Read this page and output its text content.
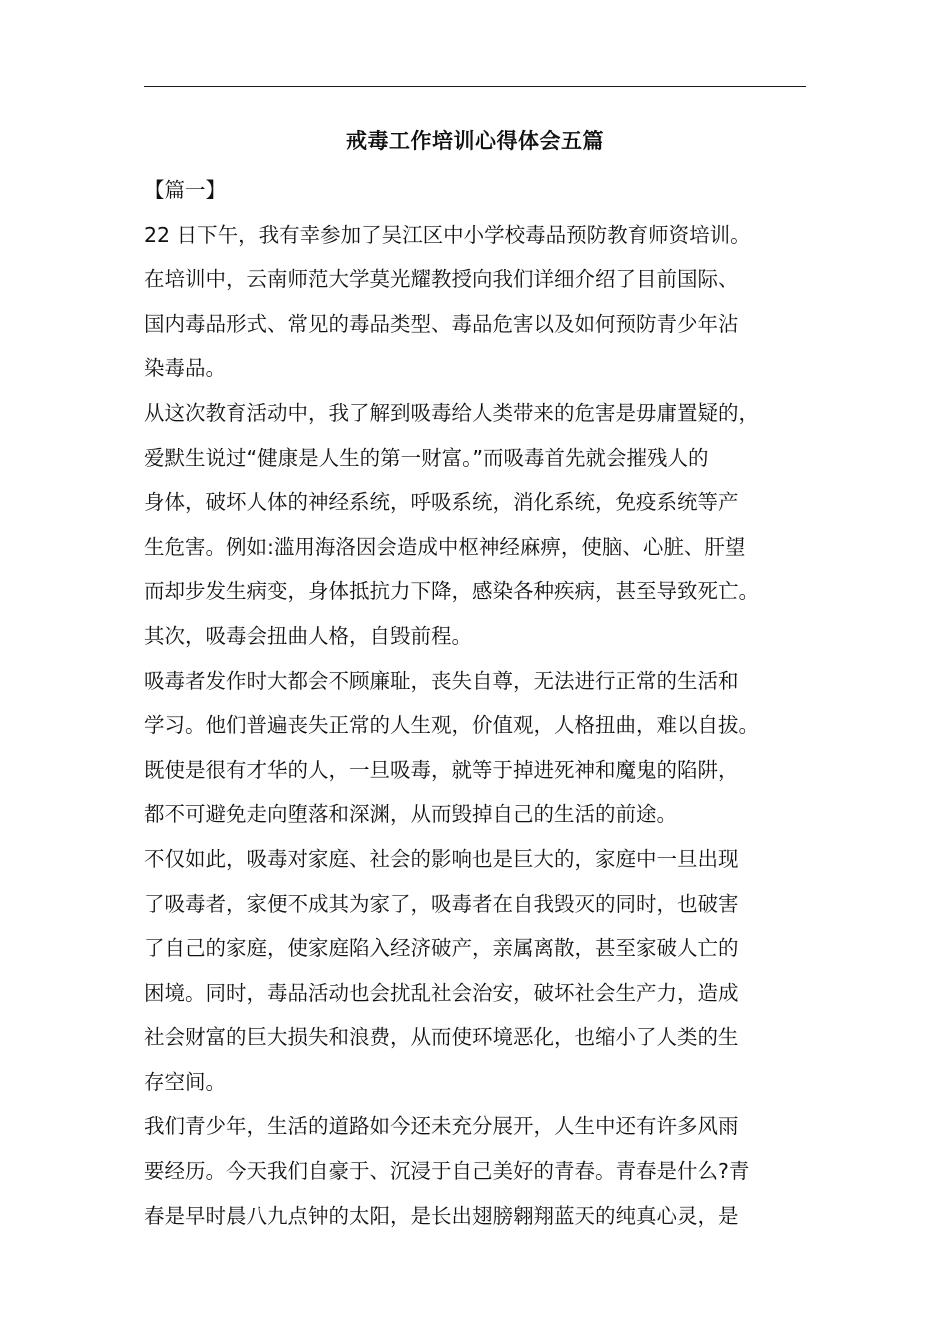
戒毒工作培训心得体会五篇
【篇一】
22 日下午，我有幸参加了吴江区中小学校毒品预防教育师资培训。
在培训中，云南师范大学莫光耀教授向我们详细介绍了目前国际、
国内毒品形式、常见的毒品类型、毒品危害以及如何预防青少年沾
染毒品。
从这次教育活动中，我了解到吸毒给人类带来的危害是毋庸置疑的，
爱默生说过“健康是人生的第一财富。”而吸毒首先就会摧残人的
身体，破坏人体的神经系统，呼吸系统，消化系统，免疫系统等产
生危害。例如:滥用海洛因会造成中枢神经麻痹，使脑、心脏、肝望
而却步发生病变，身体抵抗力下降，感染各种疾病，甚至导致死亡。
其次，吸毒会扭曲人格，自毁前程。
吸毒者发作时大都会不顾廉耻，丧失自尊，无法进行正常的生活和
学习。他们普遍丧失正常的人生观，价值观，人格扭曲，难以自拔。
既使是很有才华的人，一旦吸毒，就等于掉进死神和魔鬼的陷阱，
都不可避免走向堕落和深渊，从而毁掉自己的生活的前途。
不仅如此，吸毒对家庭、社会的影响也是巨大的，家庭中一旦出现
了吸毒者，家便不成其为家了，吸毒者在自我毁灭的同时，也破害
了自己的家庭，使家庭陷入经济破产，亲属离散，甚至家破人亡的
困境。同时，毒品活动也会扰乱社会治安，破坏社会生产力，造成
社会财富的巨大损失和浪费，从而使环境恶化，也缩小了人类的生
存空间。
我们青少年，生活的道路如今还未充分展开，人生中还有许多风雨
要经历。今天我们自豪于、沉浸于自己美好的青春。青春是什么?青
春是早时晨八九点钟的太阳，是长出翅膀翱翔蓝天的纯真心灵，是
